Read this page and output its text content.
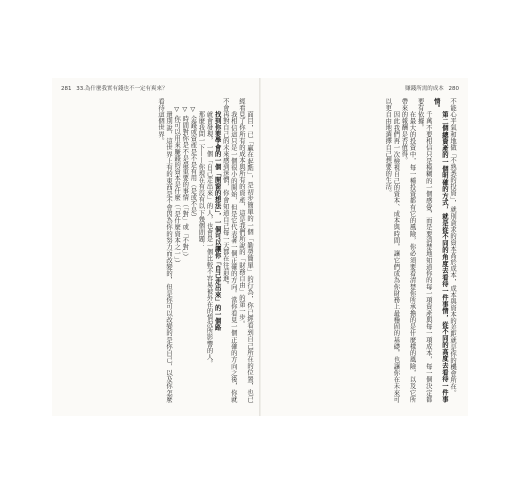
281 33.為什麼我實有錢也不一定有爽來？

面目，已「贏在起點」，是初步簡單的一個「勤勞簡單」的行為，你已經看到自己所在的位置，也已經看見了你所有的成本與所有的資產，這是我們所說的「財務自由」的第一步。

我相信這只是一個很小的開始，但是它代表著一個正確的方向。當你看見一個正確的方向之後，你就不會再對自己的未來感到迷惘，你會知道自己每一天都在往前進。

找到你要學會的一個「開窗的想法」，一個可以讓你「自己走出來」的一個路

就會發現，一個「自己走出來」的人，也會是一個比較不容易被外在的情況所影響的人。

那麼我問一下——你現在有沒有以下幾個問題：

▽ 金錢或資產是不是有用（是或不是）

▽ 時間對你是不是最重要的事情（「對」或「不對」）

▽ 你可以用來賺錢的資本是什麼（「是什麼資本之一」）

還別說，這世界上有的東西是不會因為你的努力而改變的，但是你可以改變的是你自己，以及你怎麼看待這個世界。

賺錢所需的成本 280

不能心平氣和地做「不熟悉的投資」，就別貪求的資本高於成本，成本與資本的差距就是你的機會所在。

第二個總資產的一個明確的方式，就是從不同的角度去看待一件事情，從不同的高度去看待一件事情。

千萬不要相信只是模糊的一個感覺，而是要清楚地知道你的每一項資產與每一項成本，每一個決定都要有依據。

在最大的投資中，每一種投資都有它的風險，你必須要看清楚你所承擔的是什麼樣的風險，以及它所帶來的報酬是否值得。

因此我們再一次檢視自己的資本、成本與時間，讓它們成為你財務上最穩固的基礎，也讓你在未來可以更自由地選擇自己想要的生活。
